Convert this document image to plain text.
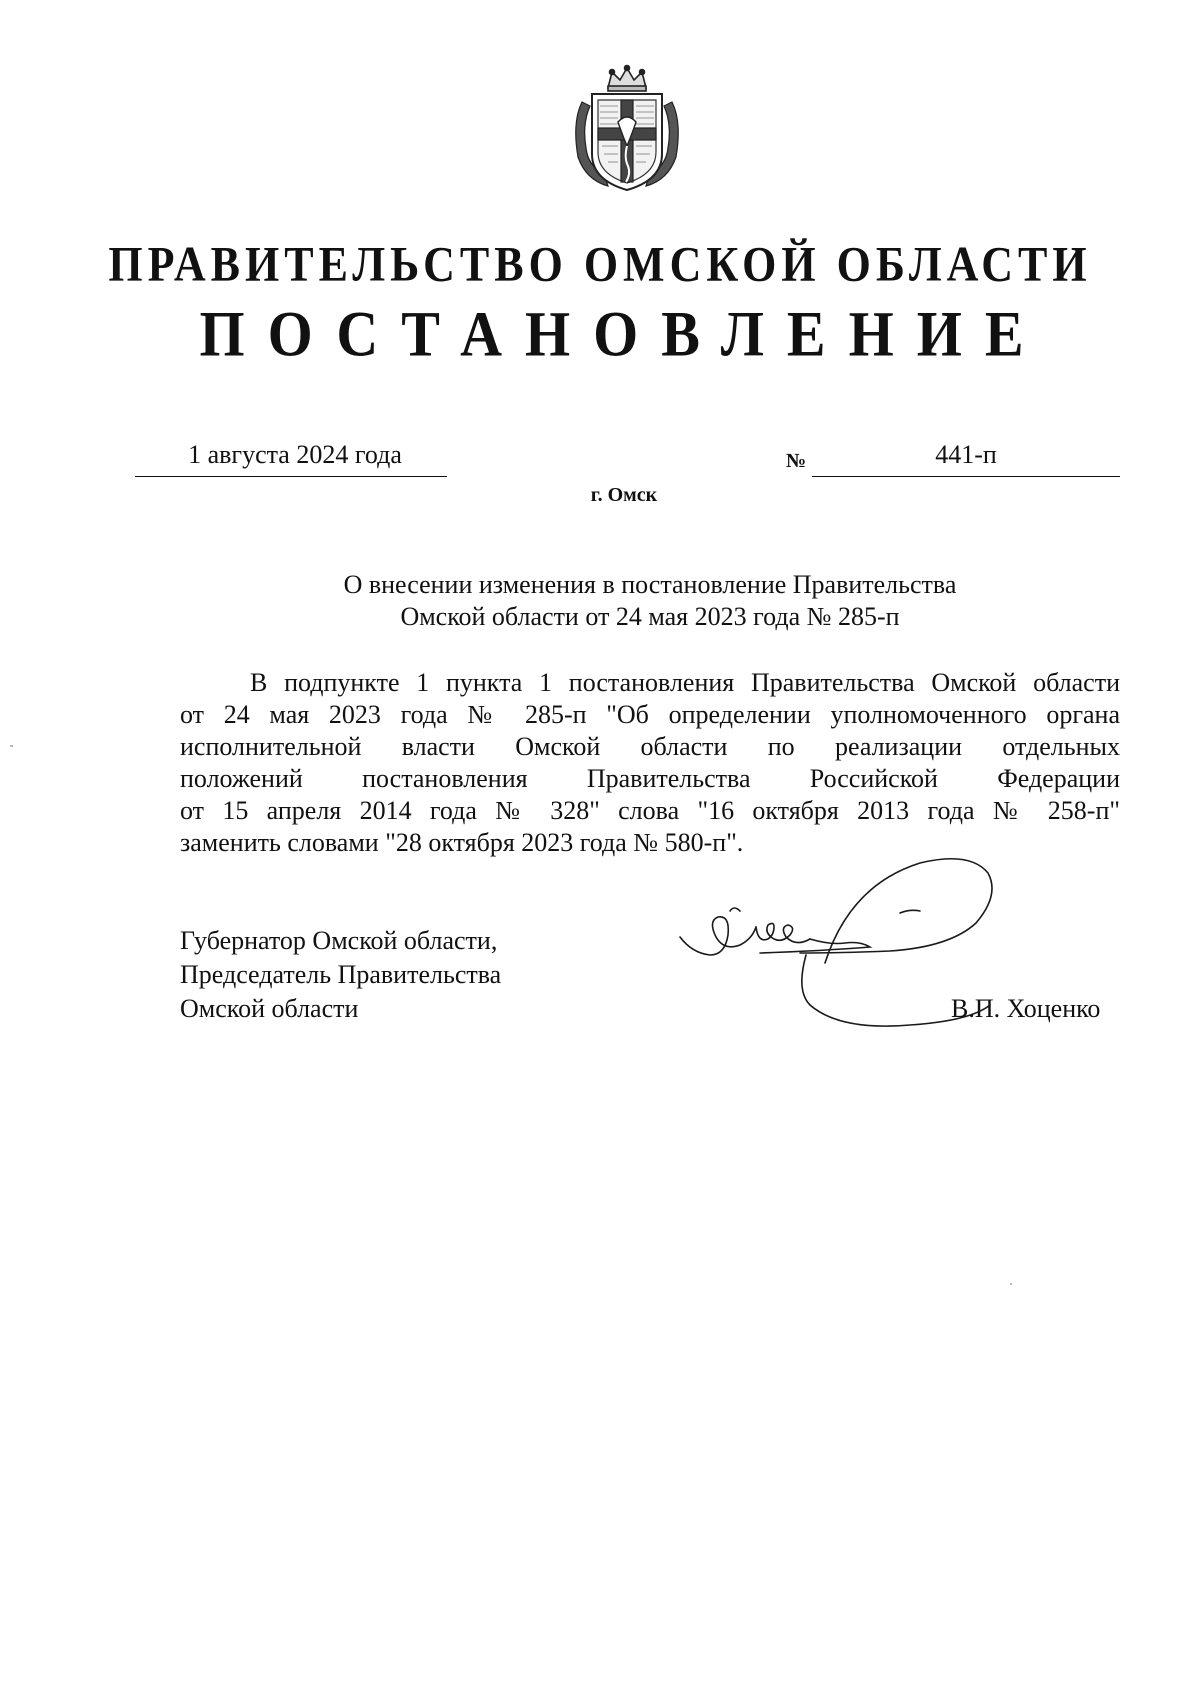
ПРАВИТЕЛЬСТВО ОМСКОЙ ОБЛАСТИ
ПОСТАНОВЛЕНИЕ
1 августа 2024 года	№	441-п
г. Омск
О внесении изменения в постановление Правительства
Омской области от 24 мая 2023 года № 285-п
В подпункте 1 пункта 1 постановления Правительства Омской области
от 24 мая 2023 года № 285-п "Об определении уполномоченного органа
исполнительной власти Омской области по реализации отдельных
положений постановления Правительства Российской Федерации
от 15 апреля 2014 года № 328" слова "16 октября 2013 года № 258-п"
заменить словами "28 октября 2023 года № 580-п".
Губернатор Омской области,
Председатель Правительства
Омской области	В.П. Хоценко
